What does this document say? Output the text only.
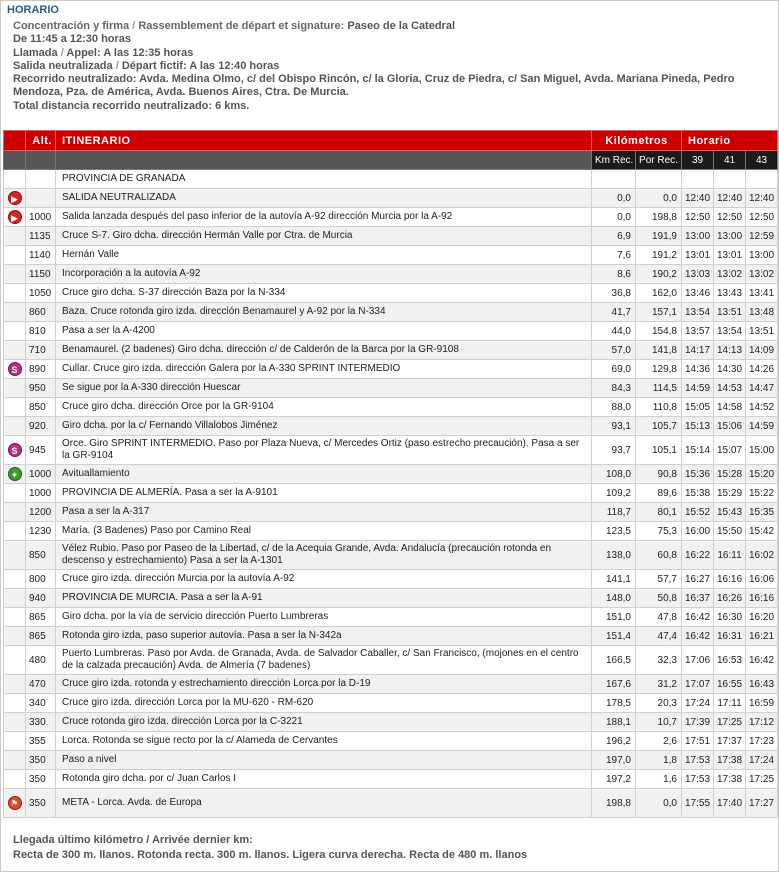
HORARIO
Concentración y firma / Rassemblement de départ et signature: Paseo de la Catedral
De 11:45 a 12:30 horas
Llamada / Appel: A las 12:35 horas
Salida neutralizada / Départ fictif: A las 12:40 horas
Recorrido neutralizado: Avda. Medina Olmo, c/ del Obispo Rincón, c/ la Gloria, Cruz de Piedra, c/ San Miguel, Avda. Mariana Pineda, Pedro Mendoza, Pza. de América, Avda. Buenos Aires, Ctra. De Murcia.
Total distancia recorrido neutralizado: 6 kms.
	Alt.	ITINERARIO	Kilómetros		Horario		
			Km Rec.	Por Rec.	39	41	43
		PROVINCIA DE GRANADA					
▶		SALIDA NEUTRALIZADA	0,0	0,0	12:40	12:40	12:40
▶	1000	Salida lanzada después del paso inferior de la autovía A-92 dirección Murcia por la A-92	0,0	198,8	12:50	12:50	12:50
	1135	Cruce S-7. Giro dcha. dirección Hermán Valle por Ctra. de Murcia	6,9	191,9	13:00	13:00	12:59
	1140	Hernán Valle	7,6	191,2	13:01	13:01	13:00
	1150	Incorporación a la autovía A-92	8,6	190,2	13:03	13:02	13:02
	1050	Cruce giro dcha. S-37 dirección Baza por la N-334	36,8	162,0	13:46	13:43	13:41
	860	Baza. Cruce rotonda giro izda. dirección Benamaurel y A-92 por la N-334	41,7	157,1	13:54	13:51	13:48
	810	Pasa a ser la A-4200	44,0	154,8	13:57	13:54	13:51
	710	Benamaurel. (2 badenes) Giro dcha. dirección c/ de Calderón de la Barca por la GR-9108	57,0	141,8	14:17	14:13	14:09
S	890	Cullar. Cruce giro izda. dirección Galera por la A-330 SPRINT INTERMEDIO	69,0	129,8	14:36	14:30	14:26
	950	Se sigue por la A-330 dirección Huescar	84,3	114,5	14:59	14:53	14:47
	850	Cruce giro dcha. dirección Orce por la GR-9104	88,0	110,8	15:05	14:58	14:52
	920	Giro dcha. por la c/ Fernando Villalobos Jiménez	93,1	105,7	15:13	15:06	14:59
S	945	Orce. Giro SPRINT INTERMEDIO. Paso por Plaza Nueva, c/ Mercedes Ortiz (paso estrecho precaución). Pasa a ser la GR-9104	93,7	105,1	15:14	15:07	15:00
✦	1000	Avituallamiento	108,0	90,8	15:36	15:28	15:20
	1000	PROVINCIA DE ALMERÍA. Pasa a ser la A-9101	109,2	89,6	15:38	15:29	15:22
	1200	Pasa a ser la A-317	118,7	80,1	15:52	15:43	15:35
	1230	María. (3 Badenes) Paso por Camino Real	123,5	75,3	16:00	15:50	15:42
	850	Vélez Rubio. Paso por Paseo de la Libertad, c/ de la Acequia Grande, Avda. Andalucía (precaución rotonda en descenso y estrechamiento) Pasa a ser la A-1301	138,0	60,8	16:22	16:11	16:02
	800	Cruce giro izda. dirección Murcia por la autovía A-92	141,1	57,7	16:27	16:16	16:06
	940	PROVINCIA DE MURCIA. Pasa a ser la A-91	148,0	50,8	16:37	16:26	16:16
	865	Giro dcha. por la vía de servicio dirección Puerto Lumbreras	151,0	47,8	16:42	16:30	16:20
	865	Rotonda giro izda, paso superior autovía. Pasa a ser la N-342a	151,4	47,4	16:42	16:31	16:21
	480	Puerto Lumbreras. Paso por Avda. de Granada, Avda. de Salvador Caballer, c/ San Francisco, (mojones en el centro de la calzada precaución) Avda. de Almería (7 badenes)	166,5	32,3	17:06	16:53	16:42
	470	Cruce giro izda. rotonda y estrechamiento dirección Lorca por la D-19	167,6	31,2	17:07	16:55	16:43
	340	Cruce giro izda. dirección Lorca por la MU-620 - RM-620	178,5	20,3	17:24	17:11	16:59
	330	Cruce rotonda giro izda. dirección Lorca por la C-3221	188,1	10,7	17:39	17:25	17:12
	355	Lorca. Rotonda se sigue recto por la c/ Alameda de Cervantes	196,2	2,6	17:51	17:37	17:23
	350	Paso a nivel	197,0	1,8	17:53	17:38	17:24
	350	Rotonda giro dcha. por c/ Juan Carlos I	197,2	1,6	17:53	17:38	17:25
⚑	350	META - Lorca. Avda. de Europa	198,8	0,0	17:55	17:40	17:27
Llegada último kilómetro / Arrivée dernier km:
Recta de 300 m. llanos. Rotonda recta. 300 m. llanos. Ligera curva derecha. Recta de 480 m. llanos
